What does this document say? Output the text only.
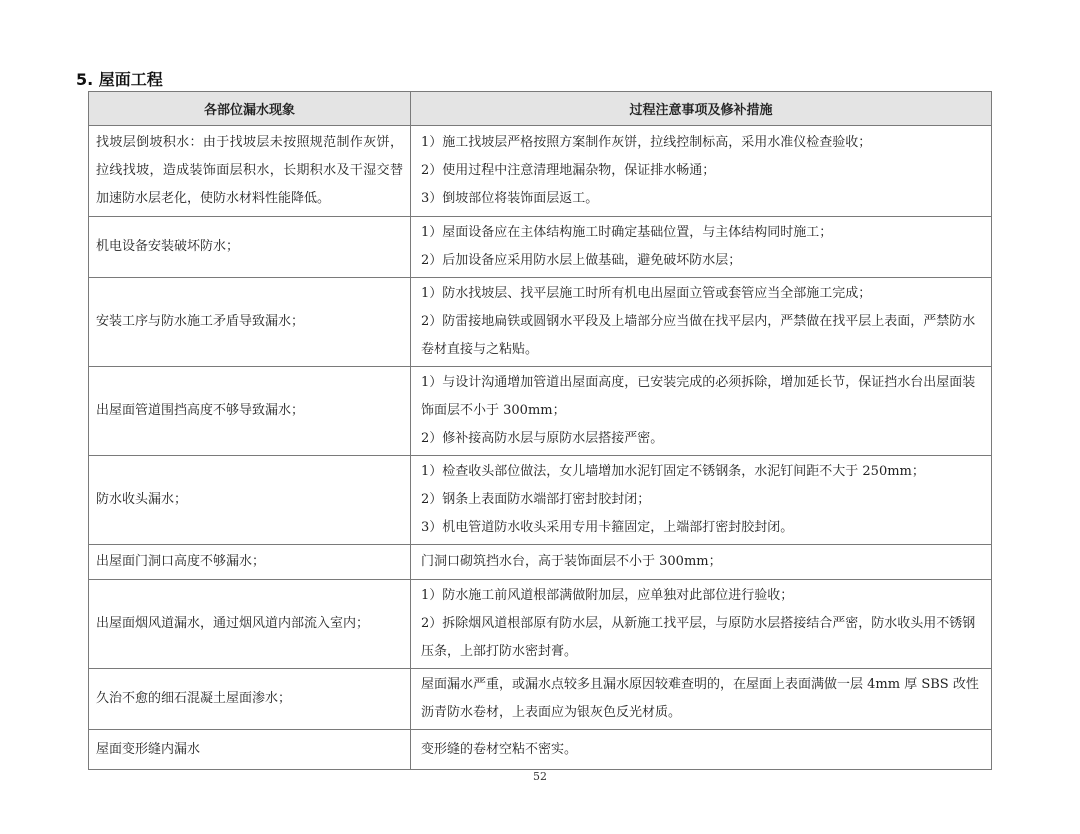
5. 屋面工程
各部位漏水现象	过程注意事项及修补措施
找坡层倒坡积水：由于找坡层未按照规范制作灰饼，拉线找坡，造成装饰面层积水，长期积水及干湿交替加速防水层老化，使防水材料性能降低。	1）施工找坡层严格按照方案制作灰饼，拉线控制标高，采用水准仪检查验收；
2）使用过程中注意清理地漏杂物，保证排水畅通；
3）倒坡部位将装饰面层返工。

机电设备安装破坏防水；	1）屋面设备应在主体结构施工时确定基础位置，与主体结构同时施工；
2）后加设备应采用防水层上做基础，避免破坏防水层；

安装工序与防水施工矛盾导致漏水；	1）防水找坡层、找平层施工时所有机电出屋面立管或套管应当全部施工完成；
2）防雷接地扁铁或圆钢水平段及上墙部分应当做在找平层内，严禁做在找平层上表面，严禁防水卷材直接与之粘贴。

出屋面管道围挡高度不够导致漏水；	1）与设计沟通增加管道出屋面高度，已安装完成的必须拆除，增加延长节，保证挡水台出屋面装饰面层不小于 300mm；
2）修补接高防水层与原防水层搭接严密。

防水收头漏水；	1）检查收头部位做法，女儿墙增加水泥钉固定不锈钢条，水泥钉间距不大于 250mm；
2）钢条上表面防水端部打密封胶封闭；
3）机电管道防水收头采用专用卡箍固定，上端部打密封胶封闭。

出屋面门洞口高度不够漏水；	门洞口砌筑挡水台，高于装饰面层不小于 300mm；

出屋面烟风道漏水，通过烟风道内部流入室内；	1）防水施工前风道根部满做附加层，应单独对此部位进行验收；
2）拆除烟风道根部原有防水层，从新施工找平层，与原防水层搭接结合严密，防水收头用不锈钢压条，上部打防水密封膏。

久治不愈的细石混凝土屋面渗水；	屋面漏水严重，或漏水点较多且漏水原因较难查明的，在屋面上表面满做一层 4mm 厚 SBS 改性沥青防水卷材，上表面应为银灰色反光材质。

屋面变形缝内漏水	变形缝的卷材空粘不密实。
52
